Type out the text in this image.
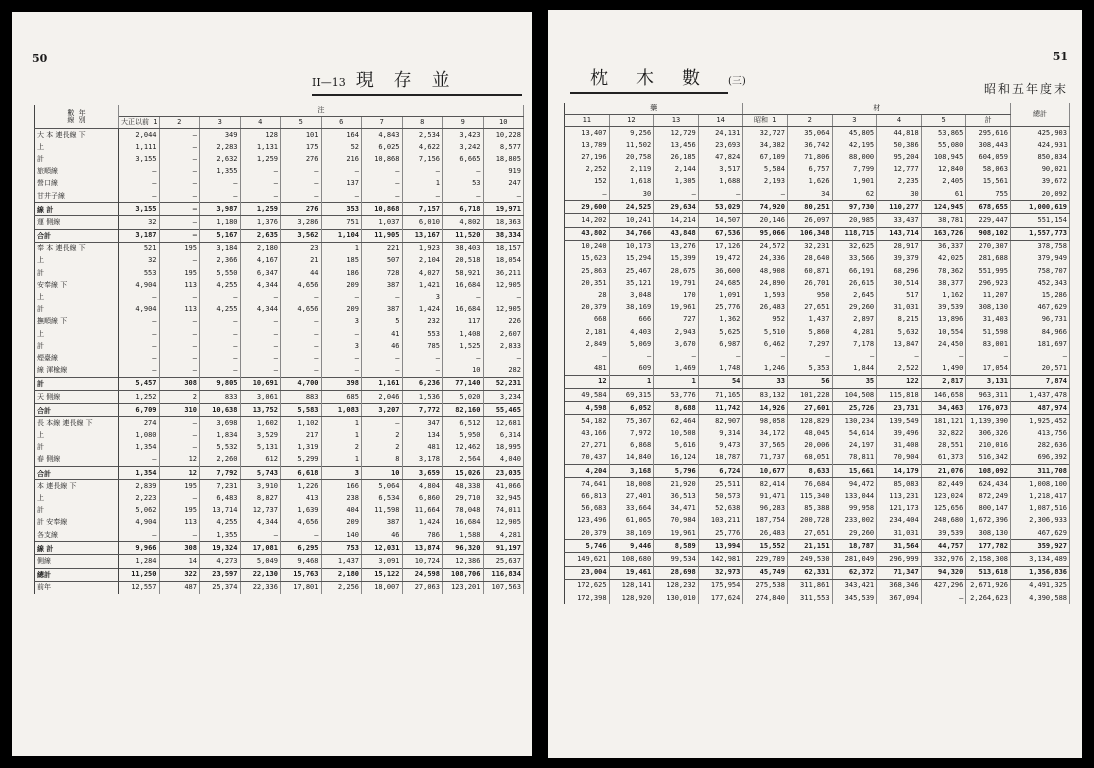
50
II—13 現存並
數 年
線 別	注									
	大正以前 1	2	3	4	5	6	7	8	9	10
大 本 連長線 下	2,044	—	349	128	101	164	4,843	2,534	3,423	10,228
上	1,111	—	2,283	1,131	175	52	6,025	4,622	3,242	8,577
計	3,155	—	2,632	1,259	276	216	10,868	7,156	6,665	18,805
旅順線	—	—	1,355	—	—	—	—	—	—	919
營口線	—	—	—	—	—	137	—	1	53	247
甘井子線	—	—	—	—	—	—	—	—	—	—
線 計	3,155	—	3,987	1,259	276	353	10,868	7,157	6,718	19,971
運 側線	32	—	1,180	1,376	3,286	751	1,037	6,010	4,802	18,363
合計	3,187	—	5,167	2,635	3,562	1,104	11,905	13,167	11,520	38,334
奉 本 連長線 下	521	195	3,184	2,180	23	1	221	1,923	38,403	18,157
上	32	—	2,366	4,167	21	185	507	2,104	20,518	18,054
計	553	195	5,550	6,347	44	186	728	4,027	58,921	36,211
安奉線 下	4,904	113	4,255	4,344	4,656	209	387	1,421	16,684	12,905
上	—	—	—	—	—	—	—	3	—	—
計	4,904	113	4,255	4,344	4,656	209	387	1,424	16,684	12,905
撫順線 下	—	—	—	—	—	3	5	232	117	226
上	—	—	—	—	—	—	41	553	1,408	2,607
計	—	—	—	—	—	3	46	785	1,525	2,833
煙臺線	—	—	—	—	—	—	—	—	—	—
線 渾楡線	—	—	—	—	—	—	—	—	10	282
計	5,457	308	9,805	10,691	4,700	398	1,161	6,236	77,140	52,231
天 側線	1,252	2	833	3,061	883	685	2,046	1,536	5,020	3,234
合計	6,709	310	10,638	13,752	5,583	1,083	3,207	7,772	82,160	55,465
長 本線 連長線 下	274	—	3,698	1,602	1,102	1	—	347	6,512	12,681
上	1,080	—	1,834	3,529	217	1	2	134	5,950	6,314
計	1,354	—	5,532	5,131	1,319	2	2	481	12,462	18,995
春 側線	—	12	2,260	612	5,299	1	8	3,178	2,564	4,040
合計	1,354	12	7,792	5,743	6,618	3	10	3,659	15,026	23,035
本 連長線 下	2,839	195	7,231	3,910	1,226	166	5,064	4,804	48,338	41,066
上	2,223	—	6,483	8,827	413	238	6,534	6,860	29,710	32,945
計	5,062	195	13,714	12,737	1,639	404	11,598	11,664	78,048	74,011
計 安奉線	4,904	113	4,255	4,344	4,656	209	387	1,424	16,684	12,905
各支線	—	—	1,355	—	—	140	46	786	1,588	4,281
線 計	9,966	308	19,324	17,081	6,295	753	12,031	13,874	96,320	91,197
側線	1,284	14	4,273	5,049	9,468	1,437	3,091	10,724	12,386	25,637
總計	11,250	322	23,597	22,130	15,763	2,180	15,122	24,598	108,706	116,834
前年	12,557	487	25,374	22,336	17,801	2,256	18,007	27,063	123,201	107,563
51
枕木數(三)
昭和五年度末
藥				材						總計
11	12	13	14	昭和 1	2	3	4	5	計	
13,407	9,256	12,729	24,131	32,727	35,064	45,805	44,818	53,865	295,616	425,903
13,789	11,502	13,456	23,693	34,382	36,742	42,195	50,386	55,080	308,443	424,931
27,196	20,758	26,185	47,824	67,109	71,806	88,000	95,204	108,945	604,059	850,834
2,252	2,119	2,144	3,517	5,584	6,757	7,799	12,777	12,840	58,063	90,021
152	1,618	1,305	1,688	2,193	1,626	1,901	2,235	2,405	15,561	39,672
—	30	—	—	—	34	62	30	61	755	20,092
29,600	24,525	29,634	53,029	74,920	80,251	97,730	110,277	124,945	678,655	1,000,619
14,202	10,241	14,214	14,507	20,146	26,097	20,985	33,437	38,781	229,447	551,154
43,802	34,766	43,848	67,536	95,066	106,348	118,715	143,714	163,726	908,102	1,557,773
10,240	10,173	13,276	17,126	24,572	32,231	32,625	28,917	36,337	270,307	378,758
15,623	15,294	15,399	19,472	24,336	28,640	33,566	39,379	42,025	281,688	379,949
25,863	25,467	28,675	36,600	48,908	60,871	66,191	68,296	78,362	551,995	758,707
20,351	35,121	19,791	24,685	24,890	26,701	26,615	30,514	38,377	296,923	452,343
28	3,048	170	1,091	1,593	950	2,645	517	1,162	11,207	15,286
20,379	38,169	19,961	25,776	26,483	27,651	29,260	31,031	39,539	308,130	467,629
668	666	727	1,362	952	1,437	2,897	8,215	13,896	31,403	96,731
2,181	4,403	2,943	5,625	5,510	5,860	4,281	5,632	10,554	51,598	84,966
2,849	5,069	3,670	6,987	6,462	7,297	7,178	13,847	24,450	83,001	181,697
—	—	—	—	—	—	—	—	—	—	—
481	609	1,469	1,748	1,246	5,353	1,844	2,522	1,490	17,054	20,571
12	1	1	54	33	56	35	122	2,817	3,131	7,874
49,584	69,315	53,776	71,165	83,132	101,228	104,508	115,818	146,658	963,311	1,437,478
4,598	6,052	8,688	11,742	14,926	27,601	25,726	23,731	34,463	176,073	487,974
54,182	75,367	62,464	82,907	98,058	128,829	130,234	139,549	181,121	1,139,390	1,925,452
43,166	7,972	10,508	9,314	34,172	48,045	54,614	39,496	32,822	306,326	413,756
27,271	6,868	5,616	9,473	37,565	20,006	24,197	31,408	28,551	210,016	282,636
70,437	14,840	16,124	18,787	71,737	68,051	78,811	70,904	61,373	516,342	696,392
4,204	3,168	5,796	6,724	10,677	8,633	15,661	14,179	21,076	108,092	311,708
74,641	18,008	21,920	25,511	82,414	76,684	94,472	85,083	82,449	624,434	1,008,100
66,813	27,401	36,513	50,573	91,471	115,340	133,044	113,231	123,024	872,249	1,218,417
56,683	33,664	34,471	52,638	96,283	85,388	99,958	121,173	125,656	800,147	1,087,516
123,496	61,065	70,984	103,211	187,754	200,728	233,002	234,404	248,680	1,672,396	2,306,933
20,379	38,169	19,961	25,776	26,483	27,651	29,260	31,031	39,539	308,130	467,629
5,746	9,446	8,589	13,994	15,552	21,151	18,787	31,564	44,757	177,782	359,927
149,621	108,680	99,534	142,981	229,789	249,530	281,049	296,999	332,976	2,158,308	3,134,489
23,004	19,461	28,698	32,973	45,749	62,331	62,372	71,347	94,320	513,618	1,356,836
172,625	128,141	128,232	175,954	275,538	311,861	343,421	368,346	427,296	2,671,926	4,491,325
172,398	128,920	130,010	177,624	274,840	311,553	345,539	367,094	—	2,264,623	4,390,588
